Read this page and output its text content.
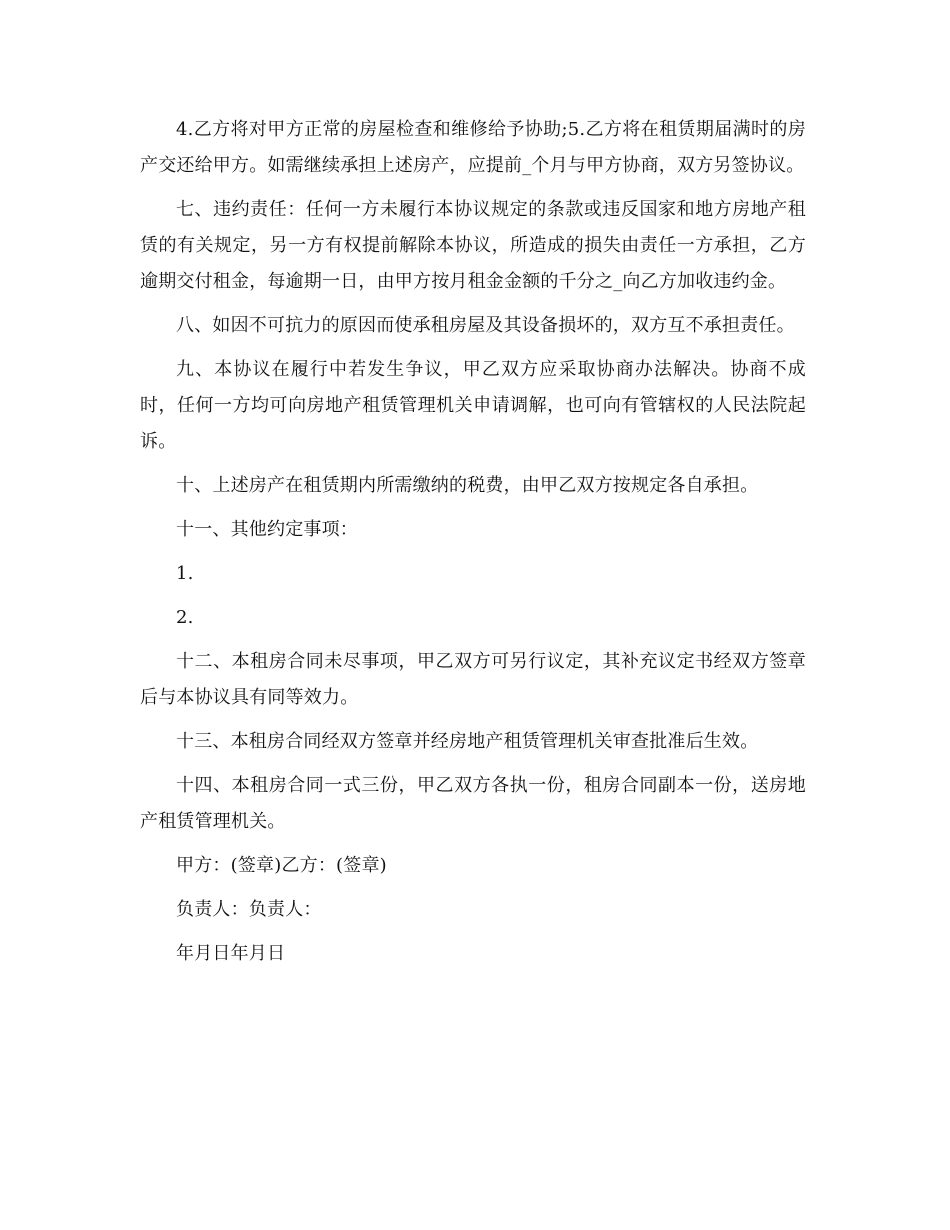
4.乙方将对甲方正常的房屋检查和维修给予协助;5.乙方将在租赁期届满时的房产交还给甲方。如需继续承担上述房产，应提前_个月与甲方协商，双方另签协议。

七、违约责任：任何一方未履行本协议规定的条款或违反国家和地方房地产租赁的有关规定，另一方有权提前解除本协议，所造成的损失由责任一方承担，乙方逾期交付租金，每逾期一日，由甲方按月租金金额的千分之_向乙方加收违约金。

八、如因不可抗力的原因而使承租房屋及其设备损坏的，双方互不承担责任。

九、本协议在履行中若发生争议，甲乙双方应采取协商办法解决。协商不成时，任何一方均可向房地产租赁管理机关申请调解，也可向有管辖权的人民法院起诉。

十、上述房产在租赁期内所需缴纳的税费，由甲乙双方按规定各自承担。

十一、其他约定事项：

1.

2.

十二、本租房合同未尽事项，甲乙双方可另行议定，其补充议定书经双方签章后与本协议具有同等效力。

十三、本租房合同经双方签章并经房地产租赁管理机关审查批准后生效。

十四、本租房合同一式三份，甲乙双方各执一份，租房合同副本一份，送房地产租赁管理机关。

甲方：(签章)乙方：(签章)

负责人：负责人：

年月日年月日
